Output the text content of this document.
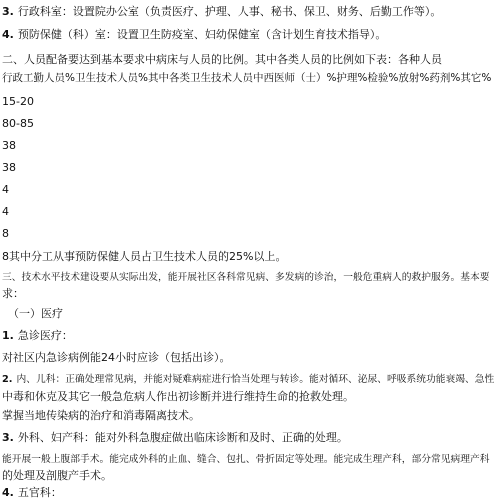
3. 行政科室：设置院办公室（负责医疗、护理、人事、秘书、保卫、财务、后勤工作等）。
4. 预防保健（科）室：设置卫生防疫室、妇幼保健室（含计划生育技术指导）。
二、人员配备要达到基本要求中病床与人员的比例。其中各类人员的比例如下表：各种人员
行政工勤人员%卫生技术人员%其中各类卫生技术人员中西医师（士）%护理%检验%放射%药剂%其它%
15-20
80-85
38
38
4
4
8
8其中分工从事预防保健人员占卫生技术人员的25%以上。
三、技术水平技术建设要从实际出发，能开展社区各科常见病、多发病的诊治，一般危重病人的救护服务。基本要
求：
（一）医疗
1. 急诊医疗：
对社区内急诊病例能24小时应诊（包括出诊）。
2. 内、儿科：正确处理常见病，并能对疑难病症进行恰当处理与转诊。能对循环、泌尿、呼吸系统功能衰竭、急性
中毒和休克及其它一般急危病人作出初诊断并进行维持生命的抢救处理。
掌握当地传染病的治疗和消毒隔离技术。
3. 外科、妇产科：能对外科急腹症做出临床诊断和及时、正确的处理。
能开展一般上腹部手术。能完成外科的止血、缝合、包扎、骨折固定等处理。能完成生理产科，部分常见病理产科
的处理及剖腹产手术。
4. 五官科：
